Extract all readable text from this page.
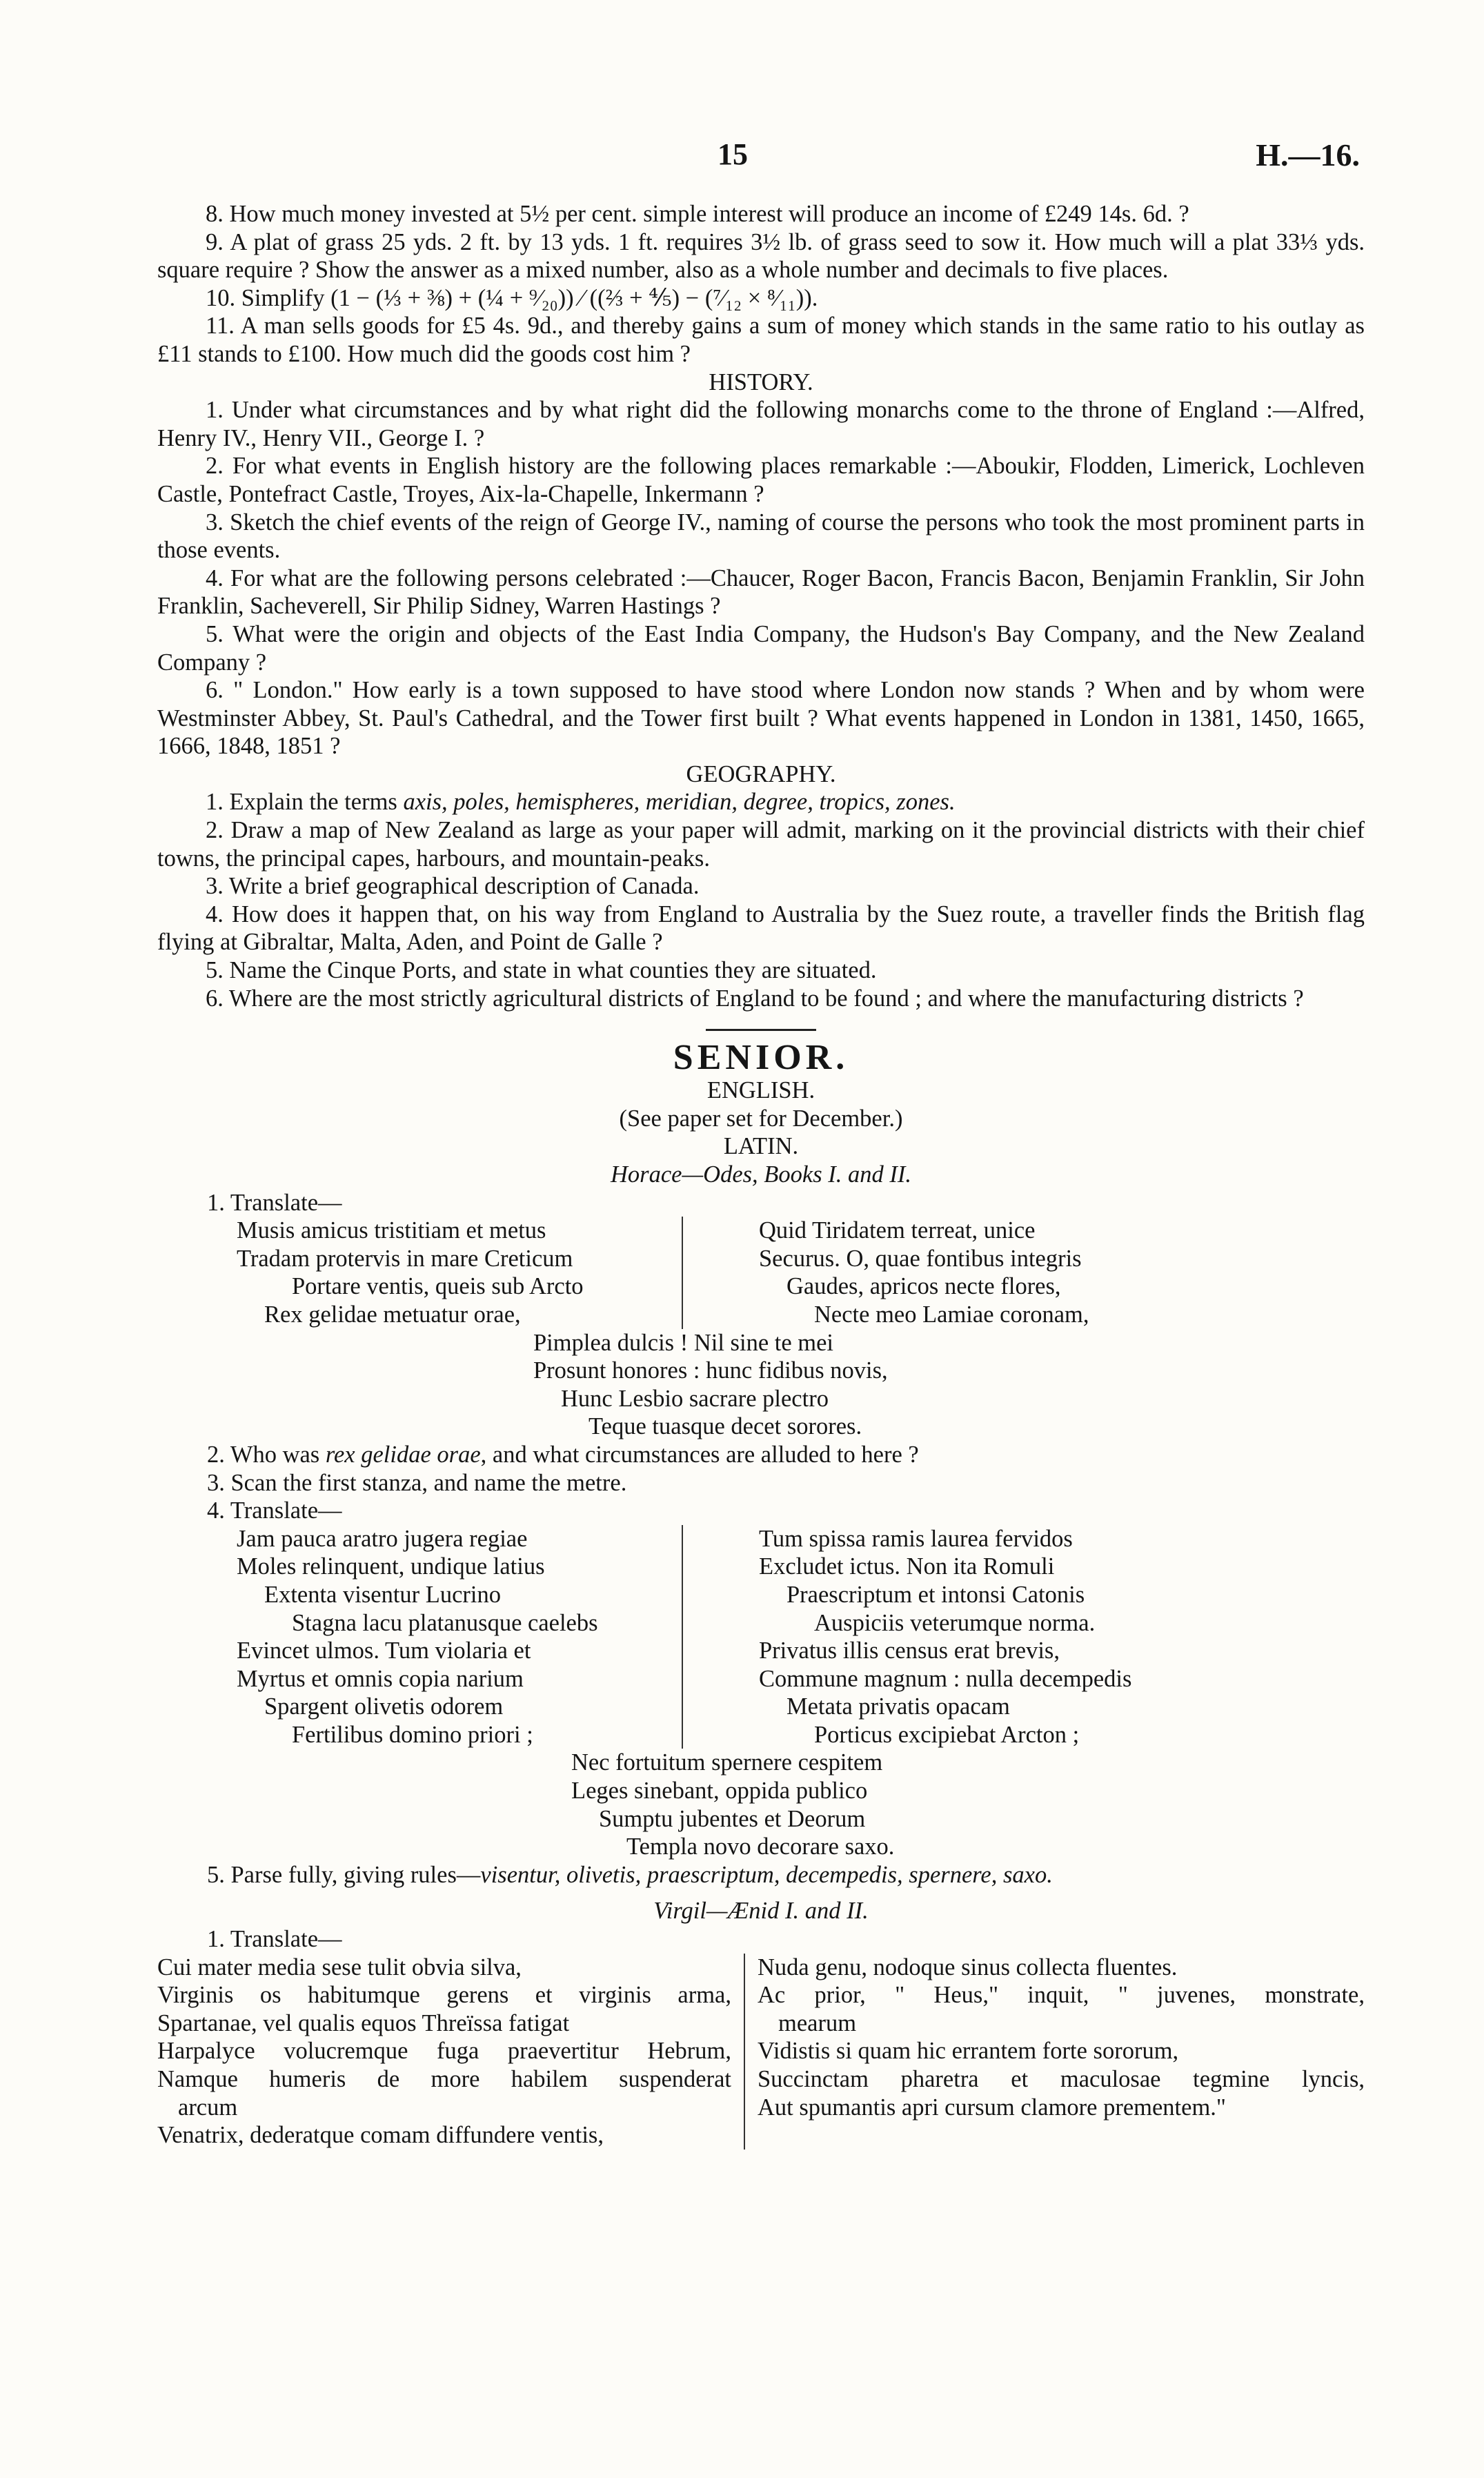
15	H.—16.

8. How much money invested at 5½ per cent. simple interest will produce an income of £249 14s. 6d. ?

9. A plat of grass 25 yds. 2 ft. by 13 yds. 1 ft. requires 3½ lb. of grass seed to sow it. How much will a plat 33⅓ yds. square require ? Show the answer as a mixed number, also as a whole number and decimals to five places.

10. Simplify (1 − (⅓ + ⅜) + (¼ + ⁹⁄₂₀)) ⁄ ((⅔ + ⅘) − (⁷⁄₁₂ × ⁸⁄₁₁)).

11. A man sells goods for £5 4s. 9d., and thereby gains a sum of money which stands in the same ratio to his outlay as £11 stands to £100. How much did the goods cost him ?

HISTORY.

1. Under what circumstances and by what right did the following monarchs come to the throne of England :—Alfred, Henry IV., Henry VII., George I. ?

2. For what events in English history are the following places remarkable :—Aboukir, Flodden, Limerick, Lochleven Castle, Pontefract Castle, Troyes, Aix-la-Chapelle, Inkermann ?

3. Sketch the chief events of the reign of George IV., naming of course the persons who took the most prominent parts in those events.

4. For what are the following persons celebrated :—Chaucer, Roger Bacon, Francis Bacon, Benjamin Franklin, Sir John Franklin, Sacheverell, Sir Philip Sidney, Warren Hastings ?

5. What were the origin and objects of the East India Company, the Hudson's Bay Company, and the New Zealand Company ?

6. " London." How early is a town supposed to have stood where London now stands ? When and by whom were Westminster Abbey, St. Paul's Cathedral, and the Tower first built ? What events happened in London in 1381, 1450, 1665, 1666, 1848, 1851 ?

GEOGRAPHY.

1. Explain the terms axis, poles, hemispheres, meridian, degree, tropics, zones.

2. Draw a map of New Zealand as large as your paper will admit, marking on it the provincial districts with their chief towns, the principal capes, harbours, and mountain-peaks.

3. Write a brief geographical description of Canada.

4. How does it happen that, on his way from England to Australia by the Suez route, a traveller finds the British flag flying at Gibraltar, Malta, Aden, and Point de Galle ?

5. Name the Cinque Ports, and state in what counties they are situated.

6. Where are the most strictly agricultural districts of England to be found ; and where the manufacturing districts ?

SENIOR.

ENGLISH.

(See paper set for December.)

LATIN.

Horace—Odes, Books I. and II.

1. Translate—

Musis amicus tristitiam et metus
Tradam protervis in mare Creticum
Portare ventis, queis sub Arcto
Rex gelidae metuatur orae,
Quid Tiridatem terreat, unice
Securus. O, quae fontibus integris
Gaudes, apricos necte flores,
Necte meo Lamiae coronam,
Pimplea dulcis ! Nil sine te mei
Prosunt honores : hunc fidibus novis,
Hunc Lesbio sacrare plectro
Teque tuasque decet sorores.

2. Who was rex gelidae orae, and what circumstances are alluded to here ?

3. Scan the first stanza, and name the metre.

4. Translate—

Jam pauca aratro jugera regiae
Moles relinquent, undique latius
Extenta visentur Lucrino
Stagna lacu platanusque caelebs
Evincet ulmos. Tum violaria et
Myrtus et omnis copia narium
Spargent olivetis odorem
Fertilibus domino priori ;
Tum spissa ramis laurea fervidos
Excludet ictus. Non ita Romuli
Praescriptum et intonsi Catonis
Auspiciis veterumque norma.
Privatus illis census erat brevis,
Commune magnum : nulla decempedis
Metata privatis opacam
Porticus excipiebat Arcton ;
Nec fortuitum spernere cespitem
Leges sinebant, oppida publico
Sumptu jubentes et Deorum
Templa novo decorare saxo.

5. Parse fully, giving rules—visentur, olivetis, praescriptum, decempedis, spernere, saxo.

Virgil—Ænid I. and II.

1. Translate—

Cui mater media sese tulit obvia silva,
Virginis os habitumque gerens et virginis arma,
Spartanae, vel qualis equos Threïssa fatigat
Harpalyce volucremque fuga praevertitur Hebrum,
Namque humeris de more habilem suspenderat
arcum
Venatrix, dederatque comam diffundere ventis,
Nuda genu, nodoque sinus collecta fluentes.
Ac prior, " Heus," inquit, " juvenes, monstrate,
mearum
Vidistis si quam hic errantem forte sororum,
Succinctam pharetra et maculosae tegmine lyncis,
Aut spumantis apri cursum clamore prementem."
